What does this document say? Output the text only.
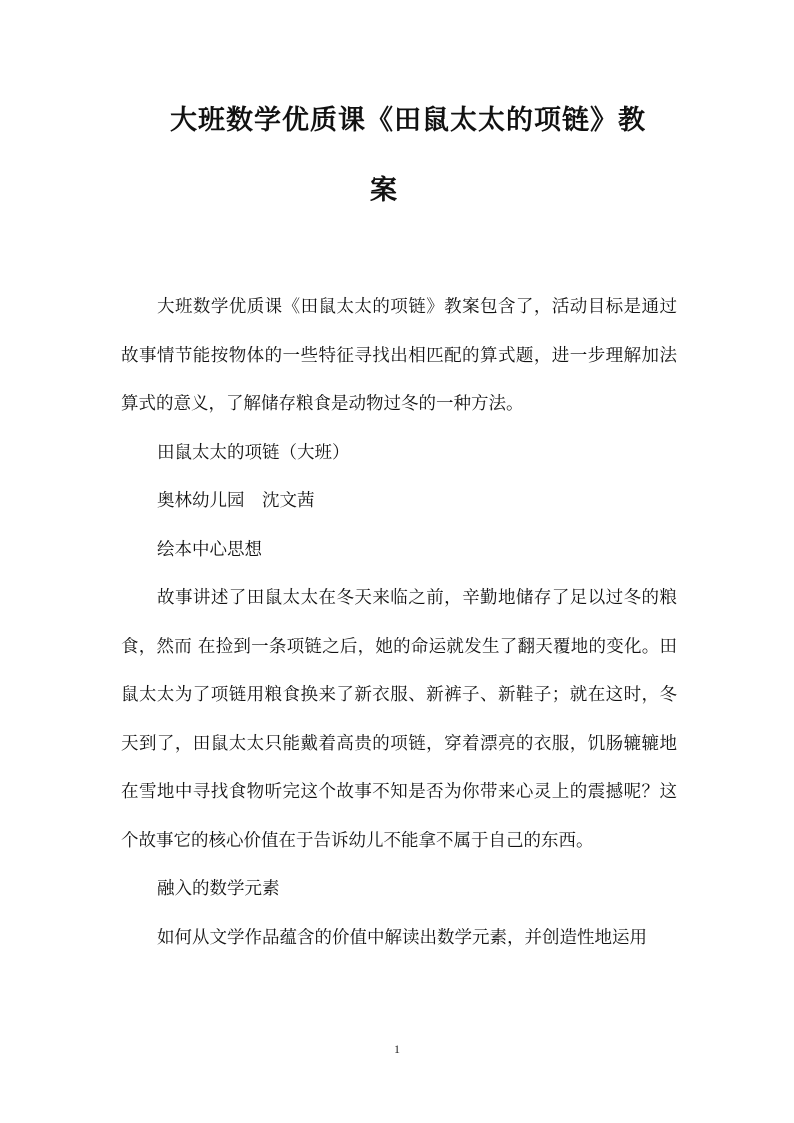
大班数学优质课《田鼠太太的项链》教
案

大班数学优质课《田鼠太太的项链》教案包含了，活动目标是通过故事情节能按物体的一些特征寻找出相匹配的算式题，进一步理解加法算式的意义，了解储存粮食是动物过冬的一种方法。

田鼠太太的项链（大班）

奥林幼儿园　沈文茜

绘本中心思想

故事讲述了田鼠太太在冬天来临之前，辛勤地储存了足以过冬的粮食，然而 在捡到一条项链之后，她的命运就发生了翻天覆地的变化。田鼠太太为了项链用粮食换来了新衣服、新裤子、新鞋子；就在这时，冬天到了，田鼠太太只能戴着高贵的项链，穿着漂亮的衣服，饥肠辘辘地在雪地中寻找食物听完这个故事不知是否为你带来心灵上的震撼呢？这个故事它的核心价值在于告诉幼儿不能拿不属于自己的东西。

融入的数学元素

如何从文学作品蕴含的价值中解读出数学元素，并创造性地运用

1
